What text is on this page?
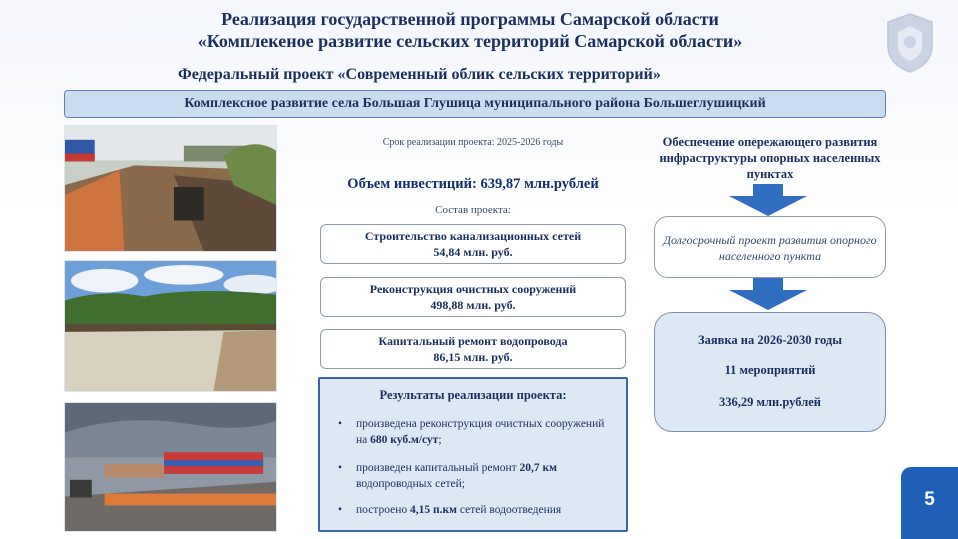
Реализация государственной программы Самарской области
«Комплекеное развитие сельских территорий Самарской области»
Федеральный проект «Современный облик сельских территорий»
Комплексное развитие села Большая Глушица муниципального района Большеглушицкий
Срок реализации проекта: 2025-2026 годы
Объем инвестиций: 639,87 млн.рублей
Состав проекта:
Строительство канализационных сетей
54,84 млн. руб.
Реконструкция очистных сооружений
498,88 млн. руб.
Капитальный ремонт водопровода
86,15 млн. руб.
Результаты реализации проекта:
•	произведена реконструкция очистных сооружений на 680 куб.м/сут;
•	произведен капитальный ремонт 20,7 км водопроводных сетей;
•	построено 4,15 п.км сетей водоотведения
Обеспечение опережающего развития инфраструктуры опорных населенных пунктах
Долгосрочный проект развития опорного населенного пункта
Заявка на 2026-2030 годы
11 мероприятий
336,29 млн.рублей
5
